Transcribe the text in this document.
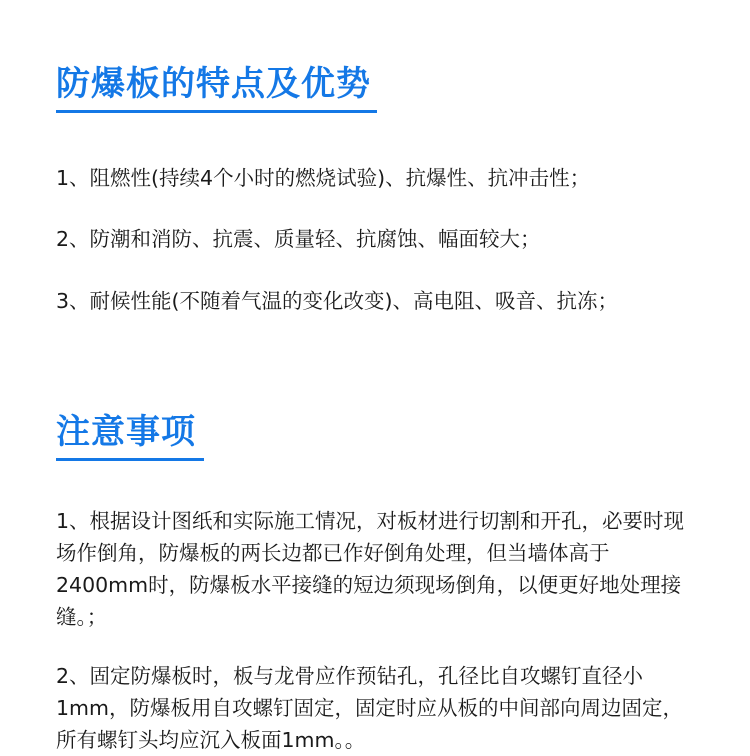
防爆板的特点及优势

1、阻燃性(持续4个小时的燃烧试验)、抗爆性、抗冲击性；

2、防潮和消防、抗震、质量轻、抗腐蚀、幅面较大；

3、耐候性能(不随着气温的变化改变)、高电阻、吸音、抗冻；

注意事项

1、根据设计图纸和实际施工情况，对板材进行切割和开孔，必要时现场作倒角，防爆板的两长边都已作好倒角处理，但当墙体高于2400mm时，防爆板水平接缝的短边须现场倒角，以便更好地处理接缝。；

2、固定防爆板时，板与龙骨应作预钻孔，孔径比自攻螺钉直径小1mm，防爆板用自攻螺钉固定，固定时应从板的中间部向周边固定，所有螺钉头均应沉入板面1mm。。
